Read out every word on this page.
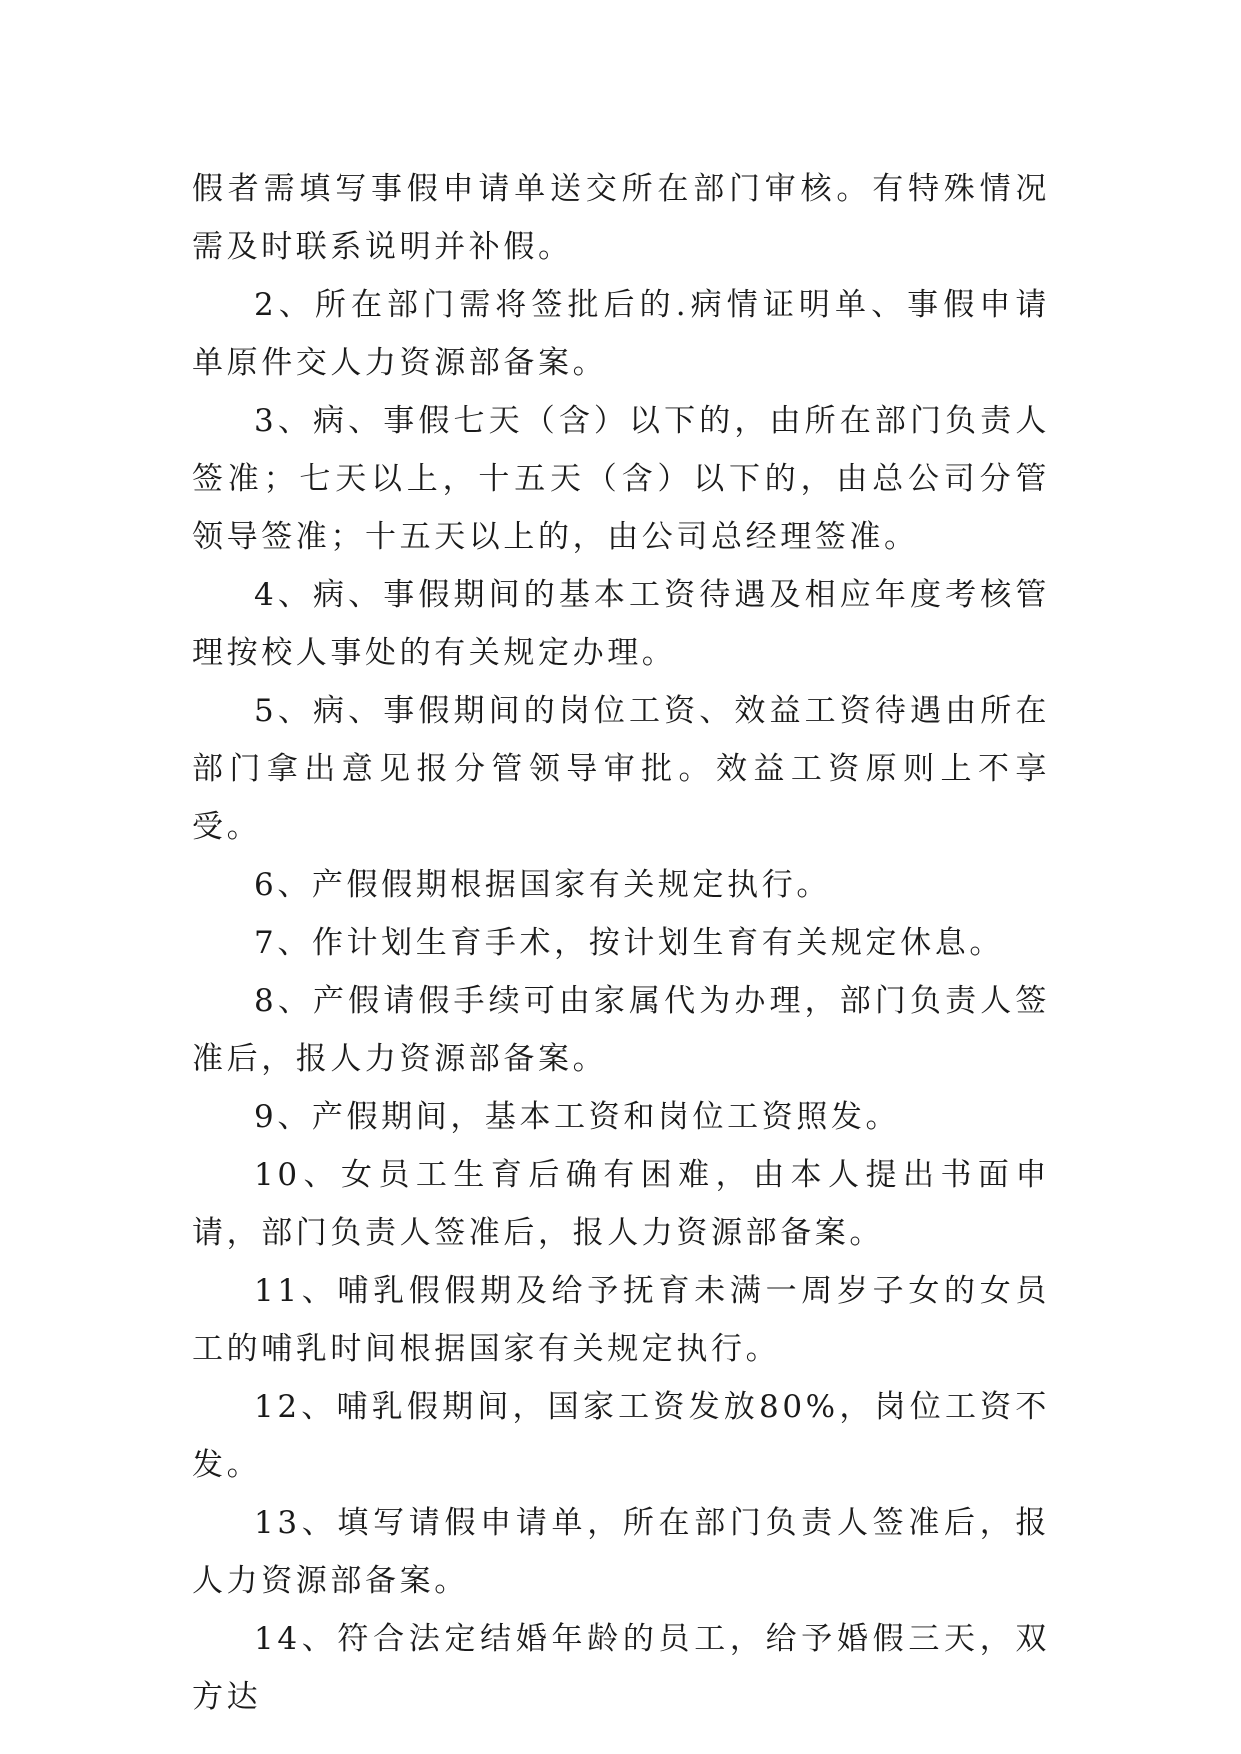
假者需填写事假申请单送交所在部门审核。有特殊情况需及时联系说明并补假。

2、所在部门需将签批后的.病情证明单、事假申请单原件交人力资源部备案。

3、病、事假七天（含）以下的，由所在部门负责人签准；七天以上，十五天（含）以下的，由总公司分管领导签准；十五天以上的，由公司总经理签准。

4、病、事假期间的基本工资待遇及相应年度考核管理按校人事处的有关规定办理。

5、病、事假期间的岗位工资、效益工资待遇由所在部门拿出意见报分管领导审批。效益工资原则上不享受。

6、产假假期根据国家有关规定执行。

7、作计划生育手术，按计划生育有关规定休息。

8、产假请假手续可由家属代为办理，部门负责人签准后，报人力资源部备案。

9、产假期间，基本工资和岗位工资照发。

10、女员工生育后确有困难，由本人提出书面申请，部门负责人签准后，报人力资源部备案。

11、哺乳假假期及给予抚育未满一周岁子女的女员工的哺乳时间根据国家有关规定执行。

12、哺乳假期间，国家工资发放80%，岗位工资不发。

13、填写请假申请单，所在部门负责人签准后，报人力资源部备案。

14、符合法定结婚年龄的员工，给予婚假三天，双方达
